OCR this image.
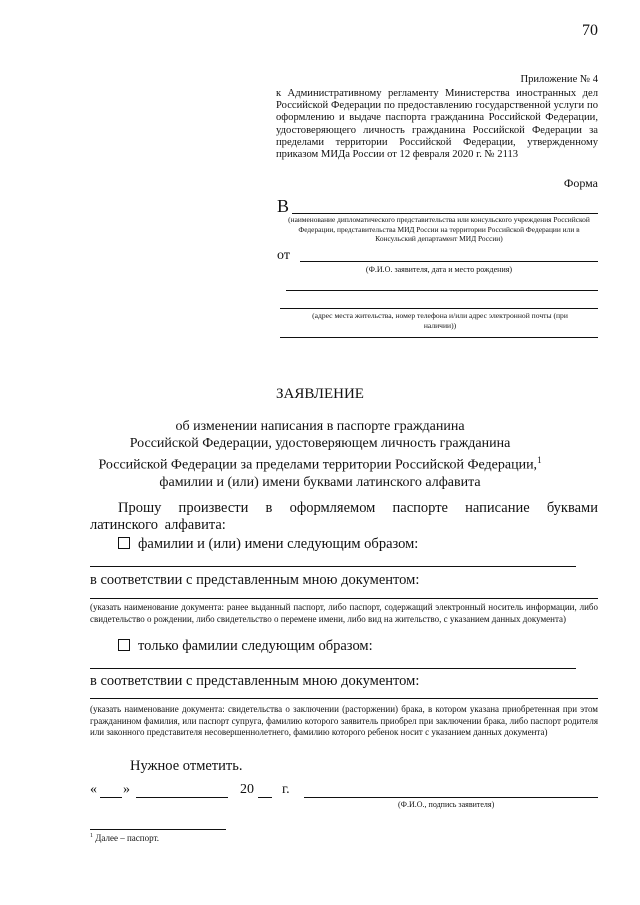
70
Приложение № 4
к Административному регламенту Министерства иностранных дел Российской Федерации по предоставлению государственной услуги по оформлению и выдаче паспорта гражданина Российской Федерации, удостоверяющего личность гражданина Российской Федерации за пределами территории Российской Федерации, утвержденному приказом МИДа России от 12 февраля 2020 г. № 2113
Форма
В
(наименование дипломатического представительства или консульского учреждения Российской Федерации, представительства МИД России на территории Российской Федерации или в Консульский департамент МИД России)
от
(Ф.И.О. заявителя, дата и место рождения)
(адрес места жительства, номер телефона и/или адрес электронной почты (при наличии))
ЗАЯВЛЕНИЕ
об изменении написания в паспорте гражданина
Российской Федерации, удостоверяющем личность гражданина
Российской Федерации за пределами территории Российской Федерации,$^1$
фамилии и (или) имени буквами латинского алфавита
Прошу произвести в оформляемом паспорте написание буквами латинского алфавита:
фамилии и (или) имени следующим образом:
в соответствии с представленным мною документом:
(указать наименование документа: ранее выданный паспорт, либо паспорт, содержащий электронный носитель информации, либо свидетельство о рождении, либо свидетельство о перемене имени, либо вид на жительство, с указанием данных документа)
только фамилии следующим образом:
в соответствии с представленным мною документом:
(указать наименование документа: свидетельства о заключении (расторжении) брака, в котором указана приобретенная при этом гражданином фамилия, или паспорт супруга, фамилию которого заявитель приобрел при заключении брака, либо паспорт родителя или законного представителя несовершеннолетнего, фамилию которого ребенок носит с указанием данных документа)
Нужное отметить.
« »	20 г.
(Ф.И.О., подпись заявителя)
$^1$ Далее – паспорт.
